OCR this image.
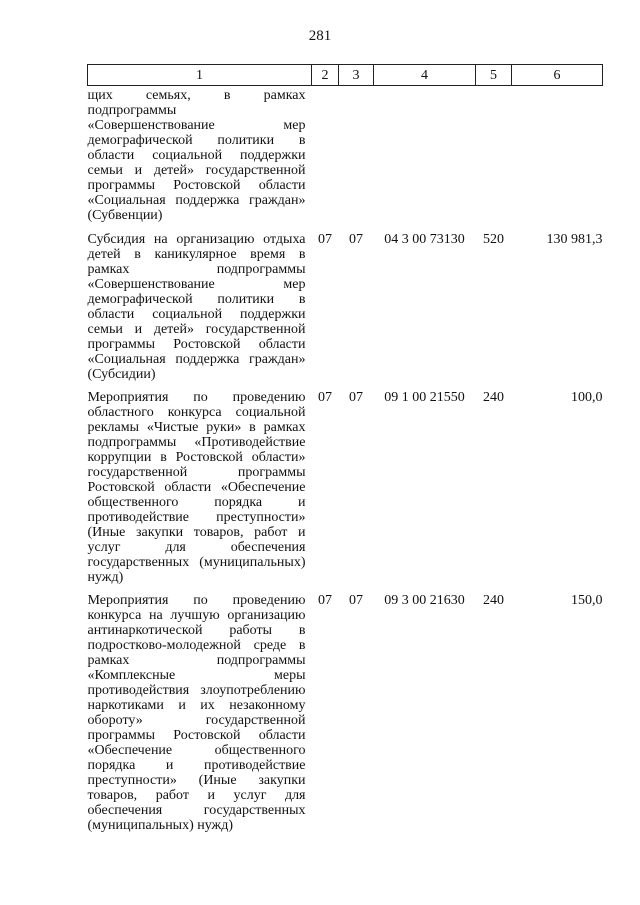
281
1	2	3	4	5	6
щих семьях, в рамках подпрограммы «Совершенствование мер демографической политики в области социальной поддержки семьи и детей» государственной программы Ростовской области «Социальная поддержка граждан» (Субвенции)					
Субсидия на организацию отдыха детей в каникулярное время в рамках подпрограммы «Совершенствование мер демографической политики в области социальной поддержки семьи и детей» государственной программы Ростовской области «Социальная поддержка граждан» (Субсидии)	07	07	04 3 00 73130	520	130 981,3
Мероприятия по проведению областного конкурса социальной рекламы «Чистые руки» в рамках подпрограммы «Противодействие коррупции в Ростовской области» государственной программы Ростовской области «Обеспечение общественного порядка и противодействие преступности» (Иные закупки товаров, работ и услуг для обеспечения государственных (муниципальных) нужд)	07	07	09 1 00 21550	240	100,0
Мероприятия по проведению конкурса на лучшую организацию антинаркотической работы в подростково-молодежной среде в рамках подпрограммы «Комплексные меры противодействия злоупотреблению наркотиками и их незаконному обороту» государственной программы Ростовской области «Обеспечение общественного порядка и противодействие преступности» (Иные закупки товаров, работ и услуг для обеспечения государственных (муниципальных) нужд)	07	07	09 3 00 21630	240	150,0
